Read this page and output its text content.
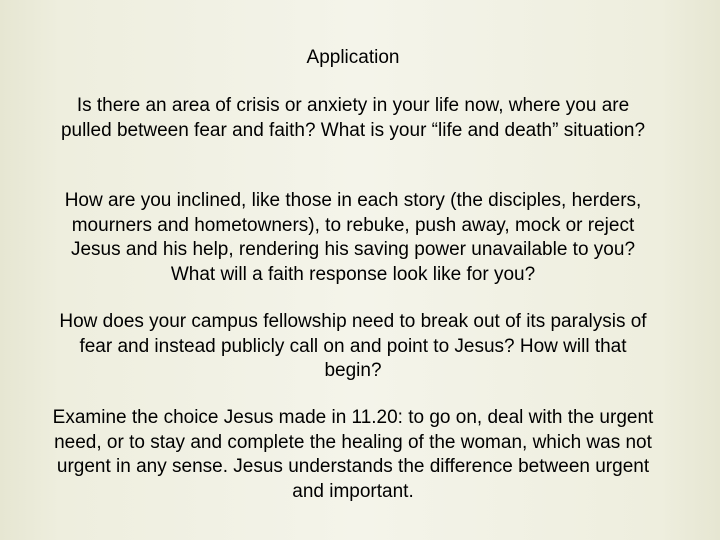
Application
Is there an area of crisis or anxiety in your life now, where you are pulled between fear and faith? What is your “life and death” situation?
How are you inclined, like those in each story (the disciples, herders, mourners and hometowners), to rebuke, push away, mock or reject Jesus and his help, rendering his saving power unavailable to you? What will a faith response look like for you?
How does your campus fellowship need to break out of its paralysis of fear and instead publicly call on and point to Jesus? How will that begin?
Examine the choice Jesus made in 11.20: to go on, deal with the urgent need, or to stay and complete the healing of the woman, which was not urgent in any sense. Jesus understands the difference between urgent and important.
